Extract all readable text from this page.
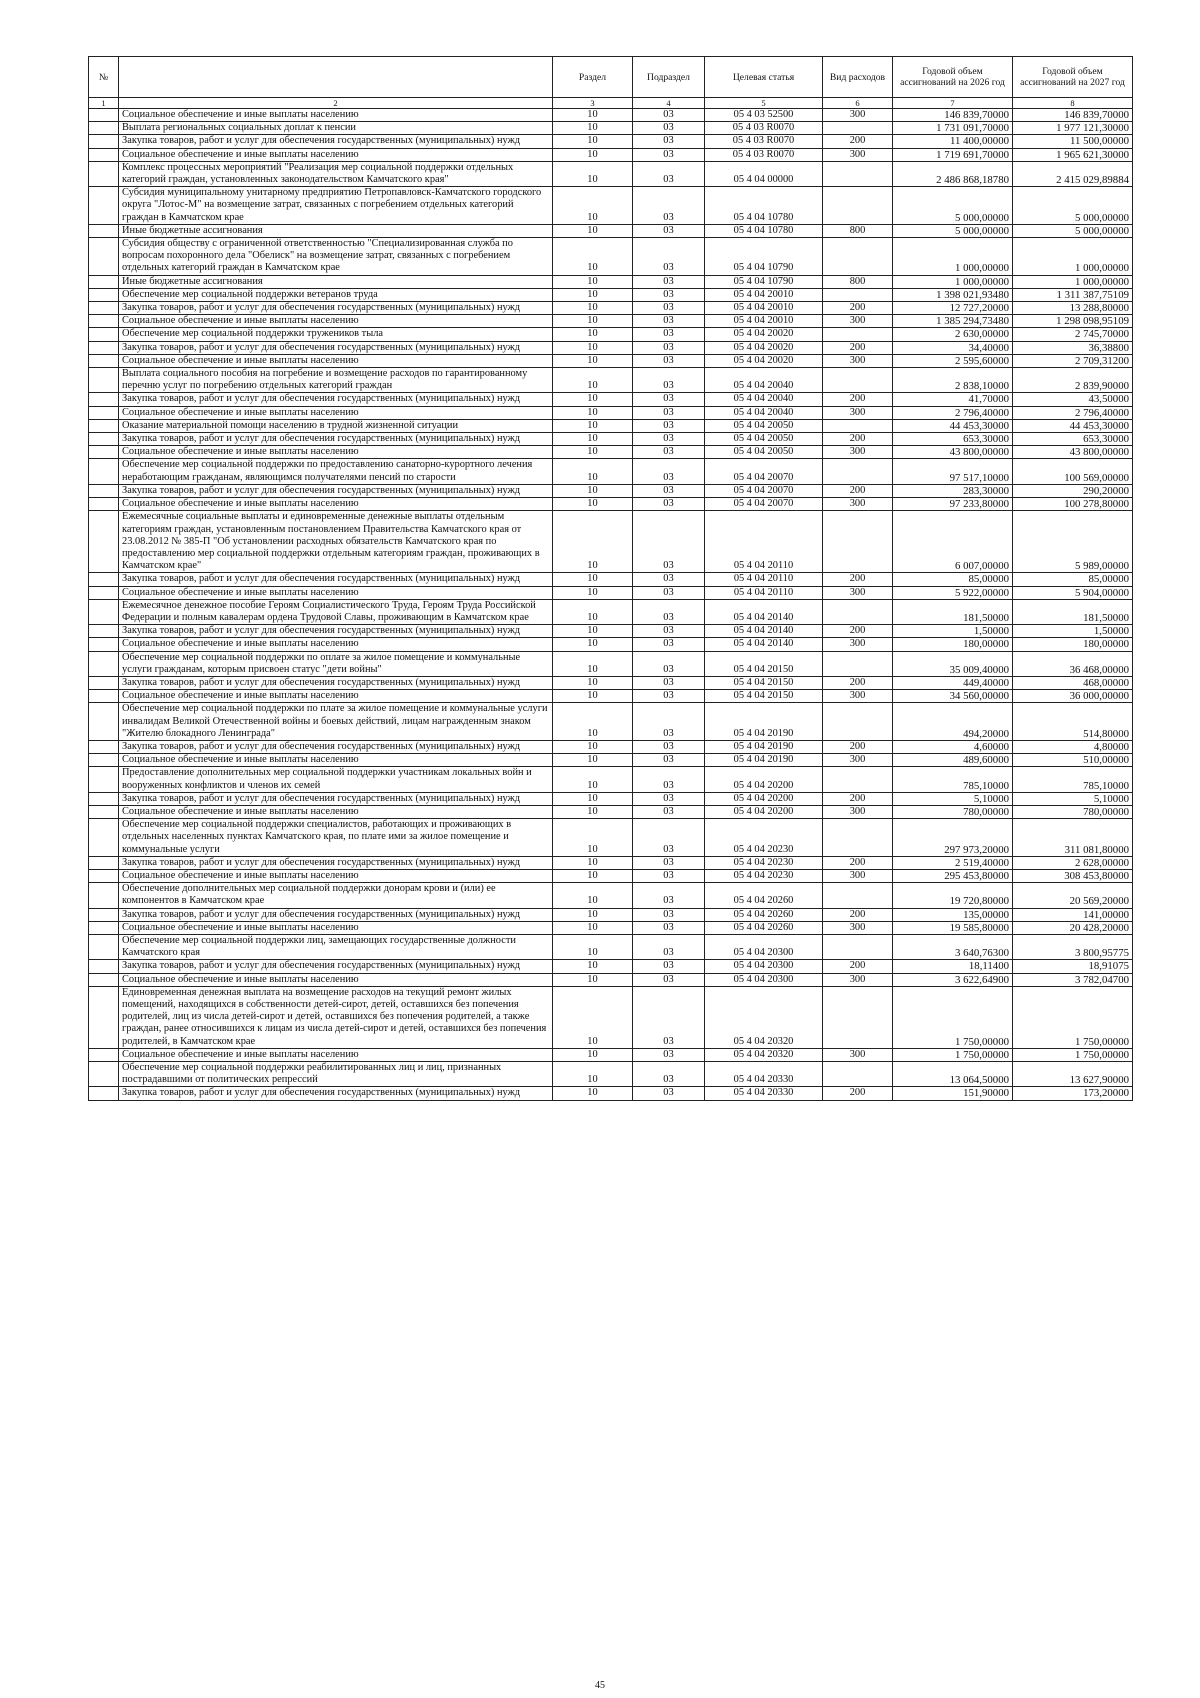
№		Раздел	Подраздел	Целевая статья	Вид расходов	Годовой объем ассигнований на 2026 год	Годовой объем ассигнований на 2027 год
1	2	3	4	5	6	7	8
	Социальное обеспечение и иные выплаты населению	10	03	05 4 03 52500	300	146 839,70000	146 839,70000
	Выплата региональных социальных доплат к пенсии	10	03	05 4 03 R0070		1 731 091,70000	1 977 121,30000
	Закупка товаров, работ и услуг для обеспечения государственных (муниципальных) нужд	10	03	05 4 03 R0070	200	11 400,00000	11 500,00000
	Социальное обеспечение и иные выплаты населению	10	03	05 4 03 R0070	300	1 719 691,70000	1 965 621,30000
	Комплекс процессных мероприятий "Реализация мер социальной поддержки отдельных категорий граждан, установленных законодательством Камчатского края"	10	03	05 4 04 00000		2 486 868,18780	2 415 029,89884
	Субсидия муниципальному унитарному предприятию Петропавловск-Камчатского городского округа "Лотос-М" на возмещение затрат, связанных с погребением отдельных категорий граждан в Камчатском крае	10	03	05 4 04 10780		5 000,00000	5 000,00000
	Иные бюджетные ассигнования	10	03	05 4 04 10780	800	5 000,00000	5 000,00000
	Субсидия обществу с ограниченной ответственностью "Специализированная служба по вопросам похоронного дела "Обелиск" на возмещение затрат, связанных с погребением отдельных категорий граждан в Камчатском крае	10	03	05 4 04 10790		1 000,00000	1 000,00000
	Иные бюджетные ассигнования	10	03	05 4 04 10790	800	1 000,00000	1 000,00000
	Обеспечение мер социальной поддержки ветеранов труда	10	03	05 4 04 20010		1 398 021,93480	1 311 387,75109
	Закупка товаров, работ и услуг для обеспечения государственных (муниципальных) нужд	10	03	05 4 04 20010	200	12 727,20000	13 288,80000
	Социальное обеспечение и иные выплаты населению	10	03	05 4 04 20010	300	1 385 294,73480	1 298 098,95109
	Обеспечение мер социальной поддержки тружеников тыла	10	03	05 4 04 20020		2 630,00000	2 745,70000
	Закупка товаров, работ и услуг для обеспечения государственных (муниципальных) нужд	10	03	05 4 04 20020	200	34,40000	36,38800
	Социальное обеспечение и иные выплаты населению	10	03	05 4 04 20020	300	2 595,60000	2 709,31200
	Выплата социального пособия на погребение и возмещение расходов по гарантированному перечню услуг по погребению отдельных категорий граждан	10	03	05 4 04 20040		2 838,10000	2 839,90000
	Закупка товаров, работ и услуг для обеспечения государственных (муниципальных) нужд	10	03	05 4 04 20040	200	41,70000	43,50000
	Социальное обеспечение и иные выплаты населению	10	03	05 4 04 20040	300	2 796,40000	2 796,40000
	Оказание материальной помощи населению в трудной жизненной ситуации	10	03	05 4 04 20050		44 453,30000	44 453,30000
	Закупка товаров, работ и услуг для обеспечения государственных (муниципальных) нужд	10	03	05 4 04 20050	200	653,30000	653,30000
	Социальное обеспечение и иные выплаты населению	10	03	05 4 04 20050	300	43 800,00000	43 800,00000
	Обеспечение мер социальной поддержки по предоставлению санаторно-курортного лечения неработающим гражданам, являющимся получателями пенсий по старости	10	03	05 4 04 20070		97 517,10000	100 569,00000
	Закупка товаров, работ и услуг для обеспечения государственных (муниципальных) нужд	10	03	05 4 04 20070	200	283,30000	290,20000
	Социальное обеспечение и иные выплаты населению	10	03	05 4 04 20070	300	97 233,80000	100 278,80000
	Ежемесячные социальные выплаты и единовременные денежные выплаты отдельным категориям граждан, установленным постановлением Правительства Камчатского края от 23.08.2012 № 385-П "Об установлении расходных обязательств Камчатского края по предоставлению мер социальной поддержки отдельным категориям граждан, проживающих в Камчатском крае"	10	03	05 4 04 20110		6 007,00000	5 989,00000
	Закупка товаров, работ и услуг для обеспечения государственных (муниципальных) нужд	10	03	05 4 04 20110	200	85,00000	85,00000
	Социальное обеспечение и иные выплаты населению	10	03	05 4 04 20110	300	5 922,00000	5 904,00000
	Ежемесячное денежное пособие Героям Социалистического Труда, Героям Труда Российской Федерации и полным кавалерам ордена Трудовой Славы, проживающим в Камчатском крае	10	03	05 4 04 20140		181,50000	181,50000
	Закупка товаров, работ и услуг для обеспечения государственных (муниципальных) нужд	10	03	05 4 04 20140	200	1,50000	1,50000
	Социальное обеспечение и иные выплаты населению	10	03	05 4 04 20140	300	180,00000	180,00000
	Обеспечение мер социальной поддержки по оплате за жилое помещение и коммунальные услуги гражданам, которым присвоен статус "дети войны"	10	03	05 4 04 20150		35 009,40000	36 468,00000
	Закупка товаров, работ и услуг для обеспечения государственных (муниципальных) нужд	10	03	05 4 04 20150	200	449,40000	468,00000
	Социальное обеспечение и иные выплаты населению	10	03	05 4 04 20150	300	34 560,00000	36 000,00000
	Обеспечение мер социальной поддержки по плате за жилое помещение и коммунальные услуги инвалидам Великой Отечественной войны и боевых действий, лицам награжденным знаком "Жителю блокадного Ленинграда"	10	03	05 4 04 20190		494,20000	514,80000
	Закупка товаров, работ и услуг для обеспечения государственных (муниципальных) нужд	10	03	05 4 04 20190	200	4,60000	4,80000
	Социальное обеспечение и иные выплаты населению	10	03	05 4 04 20190	300	489,60000	510,00000
	Предоставление дополнительных мер социальной поддержки участникам локальных войн и вооруженных конфликтов и членов их семей	10	03	05 4 04 20200		785,10000	785,10000
	Закупка товаров, работ и услуг для обеспечения государственных (муниципальных) нужд	10	03	05 4 04 20200	200	5,10000	5,10000
	Социальное обеспечение и иные выплаты населению	10	03	05 4 04 20200	300	780,00000	780,00000
	Обеспечение мер социальной поддержки специалистов, работающих и проживающих в отдельных населенных пунктах Камчатского края, по плате ими за жилое помещение и коммунальные услуги	10	03	05 4 04 20230		297 973,20000	311 081,80000
	Закупка товаров, работ и услуг для обеспечения государственных (муниципальных) нужд	10	03	05 4 04 20230	200	2 519,40000	2 628,00000
	Социальное обеспечение и иные выплаты населению	10	03	05 4 04 20230	300	295 453,80000	308 453,80000
	Обеспечение дополнительных мер социальной поддержки донорам крови и (или) ее компонентов в Камчатском крае	10	03	05 4 04 20260		19 720,80000	20 569,20000
	Закупка товаров, работ и услуг для обеспечения государственных (муниципальных) нужд	10	03	05 4 04 20260	200	135,00000	141,00000
	Социальное обеспечение и иные выплаты населению	10	03	05 4 04 20260	300	19 585,80000	20 428,20000
	Обеспечение мер социальной поддержки лиц, замещающих государственные должности Камчатского края	10	03	05 4 04 20300		3 640,76300	3 800,95775
	Закупка товаров, работ и услуг для обеспечения государственных (муниципальных) нужд	10	03	05 4 04 20300	200	18,11400	18,91075
	Социальное обеспечение и иные выплаты населению	10	03	05 4 04 20300	300	3 622,64900	3 782,04700
	Единовременная денежная выплата на возмещение расходов на текущий ремонт жилых помещений, находящихся в собственности детей-сирот, детей, оставшихся без попечения родителей, лиц из числа детей-сирот и детей, оставшихся без попечения родителей, а также граждан, ранее относившихся к лицам из числа детей-сирот и детей, оставшихся без попечения родителей, в Камчатском крае	10	03	05 4 04 20320		1 750,00000	1 750,00000
	Социальное обеспечение и иные выплаты населению	10	03	05 4 04 20320	300	1 750,00000	1 750,00000
	Обеспечение мер социальной поддержки реабилитированных лиц и лиц, признанных пострадавшими от политических репрессий	10	03	05 4 04 20330		13 064,50000	13 627,90000
	Закупка товаров, работ и услуг для обеспечения государственных (муниципальных) нужд	10	03	05 4 04 20330	200	151,90000	173,20000
45
